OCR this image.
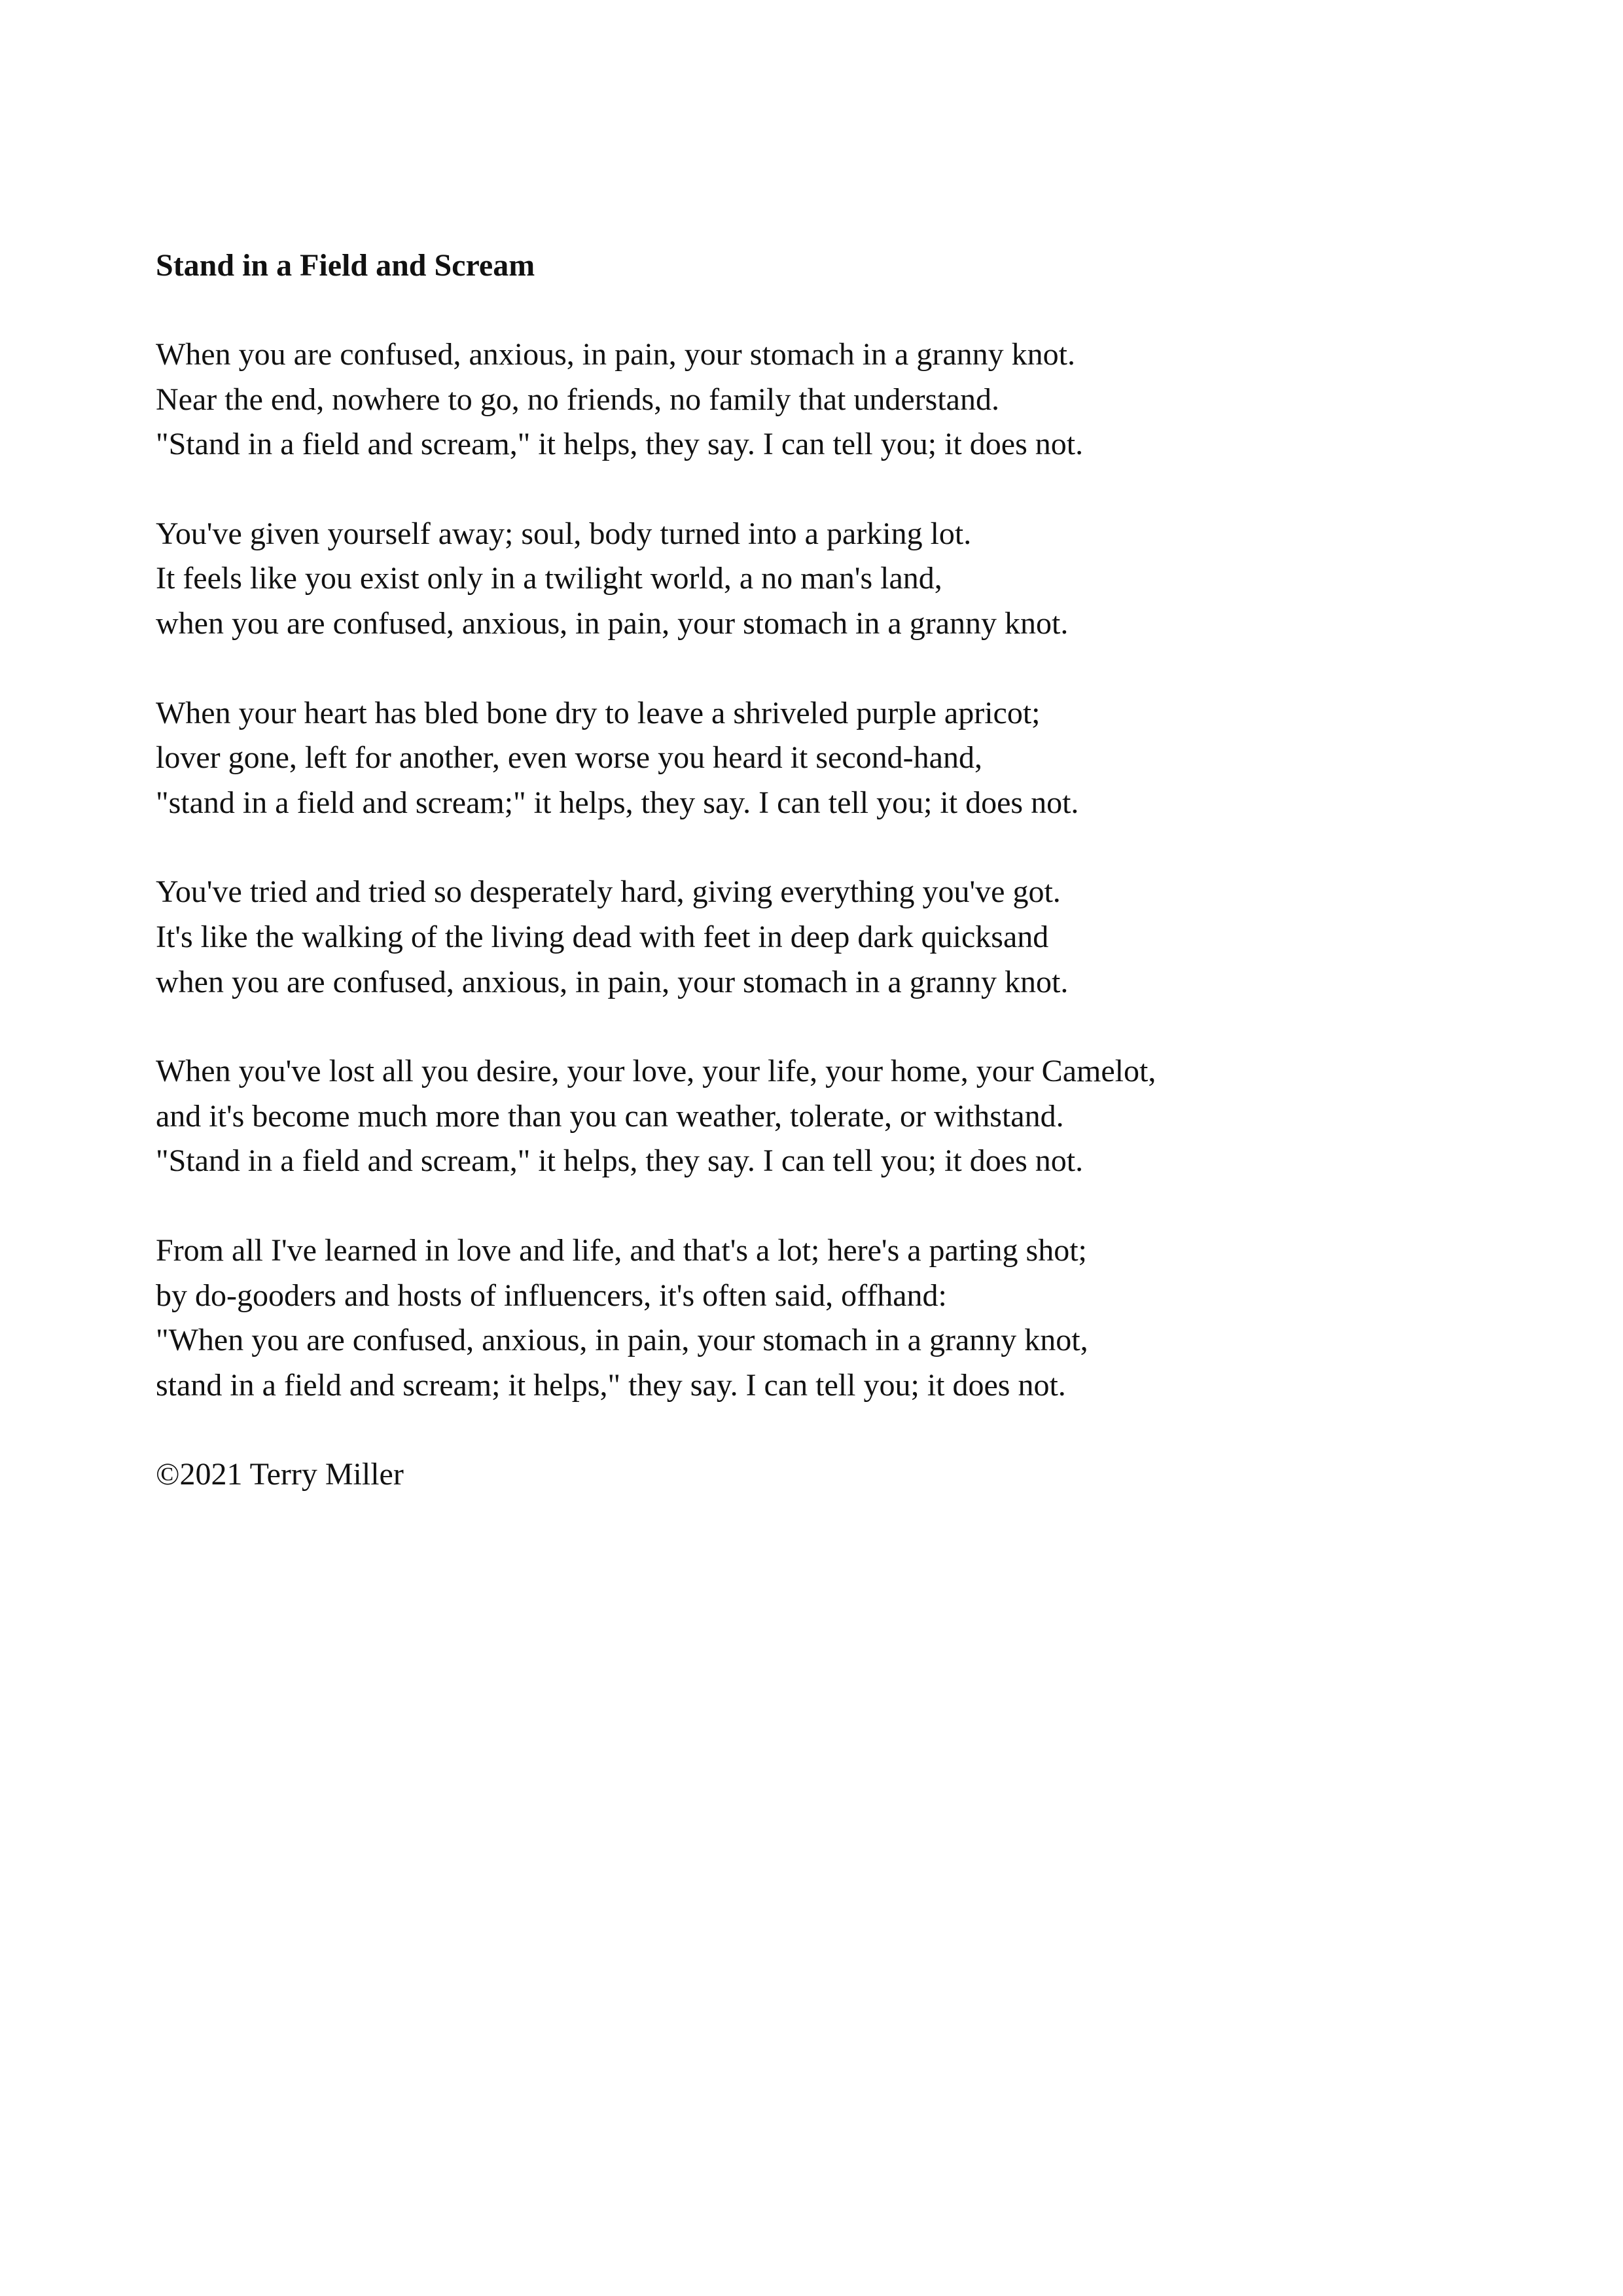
Stand in a Field and Scream
When you are confused, anxious, in pain, your stomach in a granny knot.
Near the end, nowhere to go, no friends, no family that understand.
"Stand in a field and scream," it helps, they say. I can tell you; it does not.
You've given yourself away; soul, body turned into a parking lot.
It feels like you exist only in a twilight world, a no man's land,
when you are confused, anxious, in pain, your stomach in a granny knot.
When your heart has bled bone dry to leave a shriveled purple apricot;
lover gone, left for another, even worse you heard it second-hand,
"stand in a field and scream;" it helps, they say. I can tell you; it does not.
You've tried and tried so desperately hard, giving everything you've got.
It's like the walking of the living dead with feet in deep dark quicksand
when you are confused, anxious, in pain, your stomach in a granny knot.
When you've lost all you desire, your love, your life, your home, your Camelot,
and it's become much more than you can weather, tolerate, or withstand.
"Stand in a field and scream," it helps, they say. I can tell you; it does not.
From all I've learned in love and life, and that's a lot; here's a parting shot;
by do-gooders and hosts of influencers, it's often said, offhand:
"When you are confused, anxious, in pain, your stomach in a granny knot,
stand in a field and scream; it helps," they say. I can tell you; it does not.
©2021 Terry Miller
